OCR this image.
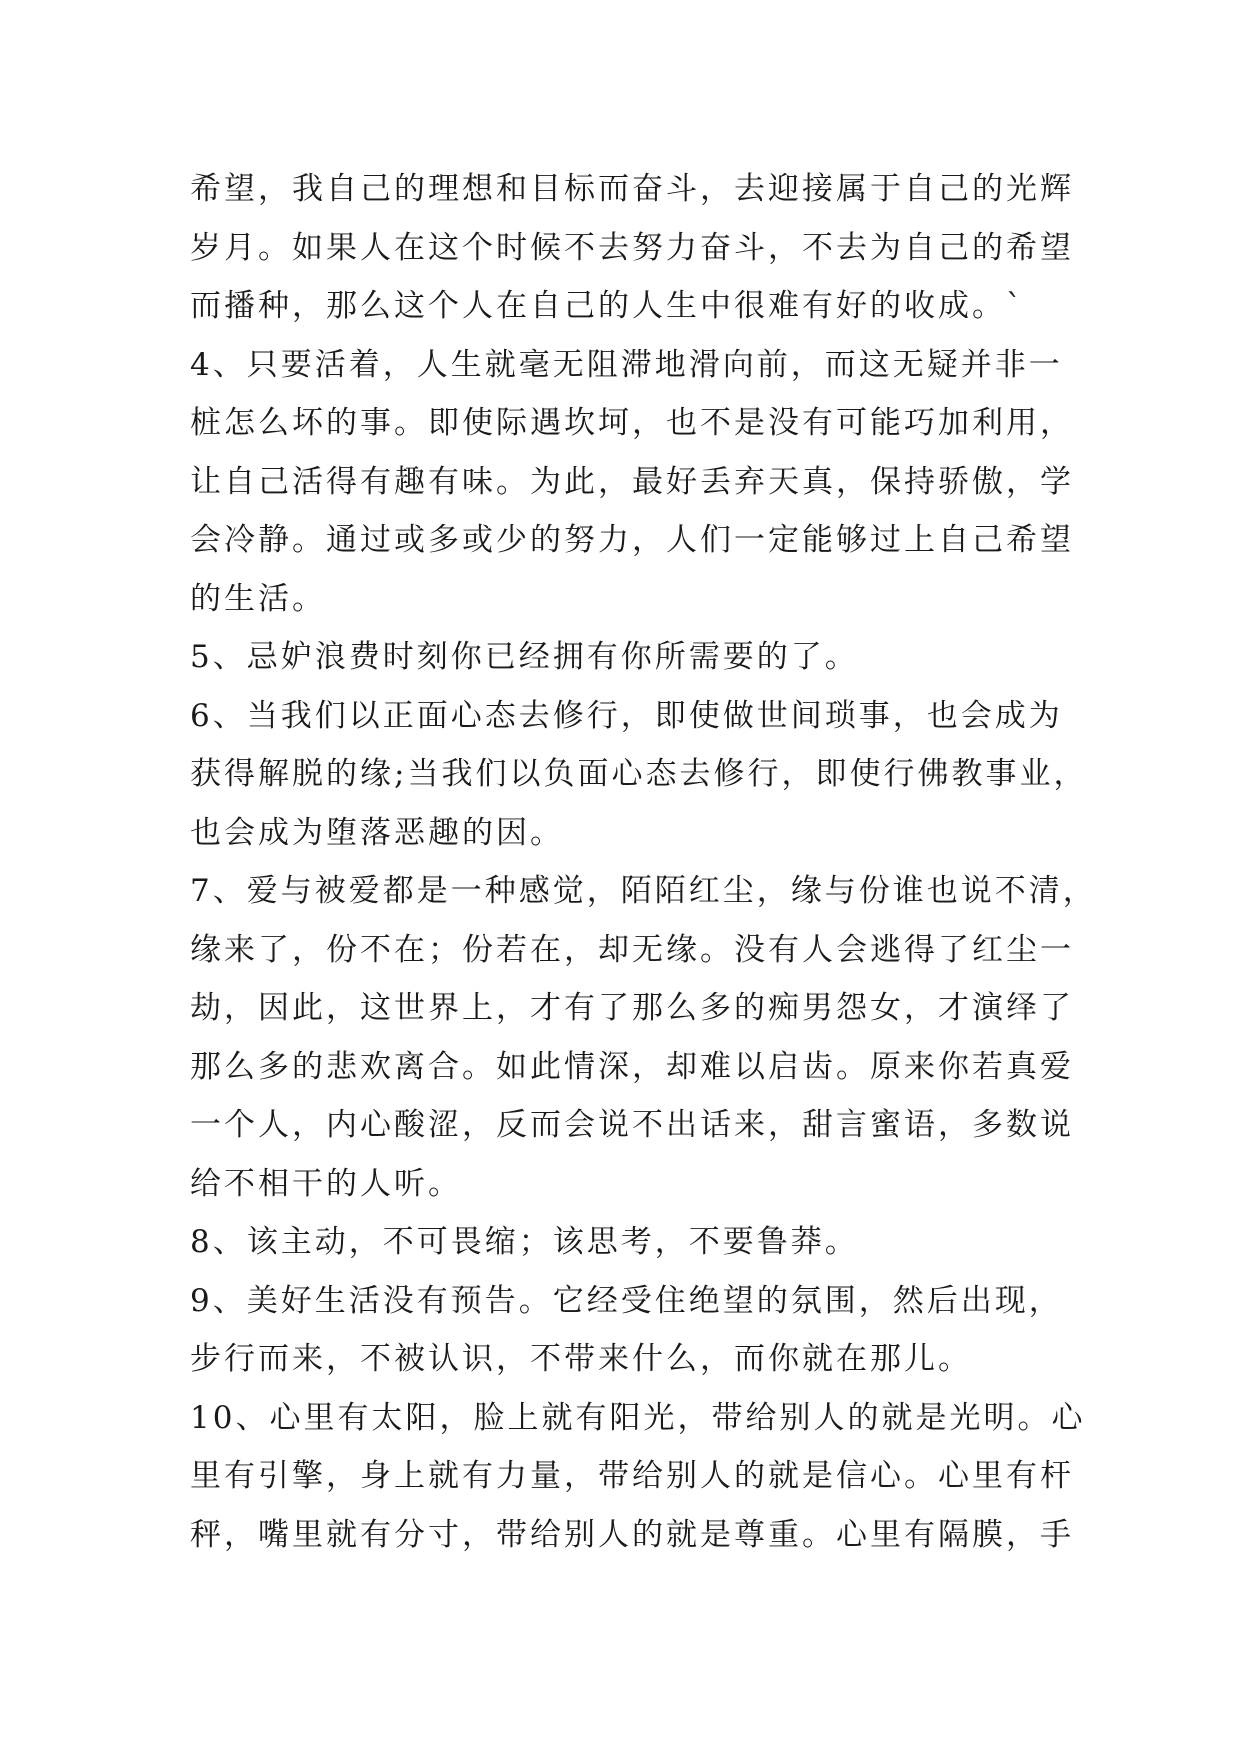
希望，我自己的理想和目标而奋斗，去迎接属于自己的光辉
岁月。如果人在这个时候不去努力奋斗，不去为自己的希望
而播种，那么这个人在自己的人生中很难有好的收成。`
4、只要活着，人生就毫无阻滞地滑向前，而这无疑并非一
桩怎么坏的事。即使际遇坎坷，也不是没有可能巧加利用，
让自己活得有趣有味。为此，最好丢弃天真，保持骄傲，学
会冷静。通过或多或少的努力，人们一定能够过上自己希望
的生活。
5、忌妒浪费时刻你已经拥有你所需要的了。
6、当我们以正面心态去修行，即使做世间琐事，也会成为
获得解脱的缘;当我们以负面心态去修行，即使行佛教事业，
也会成为堕落恶趣的因。
7、爱与被爱都是一种感觉，陌陌红尘，缘与份谁也说不清，
缘来了，份不在；份若在，却无缘。没有人会逃得了红尘一
劫，因此，这世界上，才有了那么多的痴男怨女，才演绎了
那么多的悲欢离合。如此情深，却难以启齿。原来你若真爱
一个人，内心酸涩，反而会说不出话来，甜言蜜语，多数说
给不相干的人听。
8、该主动，不可畏缩；该思考，不要鲁莽。
9、美好生活没有预告。它经受住绝望的氛围，然后出现，
步行而来，不被认识，不带来什么，而你就在那儿。
10、心里有太阳，脸上就有阳光，带给别人的就是光明。心
里有引擎，身上就有力量，带给别人的就是信心。心里有杆
秤，嘴里就有分寸，带给别人的就是尊重。心里有隔膜，手
